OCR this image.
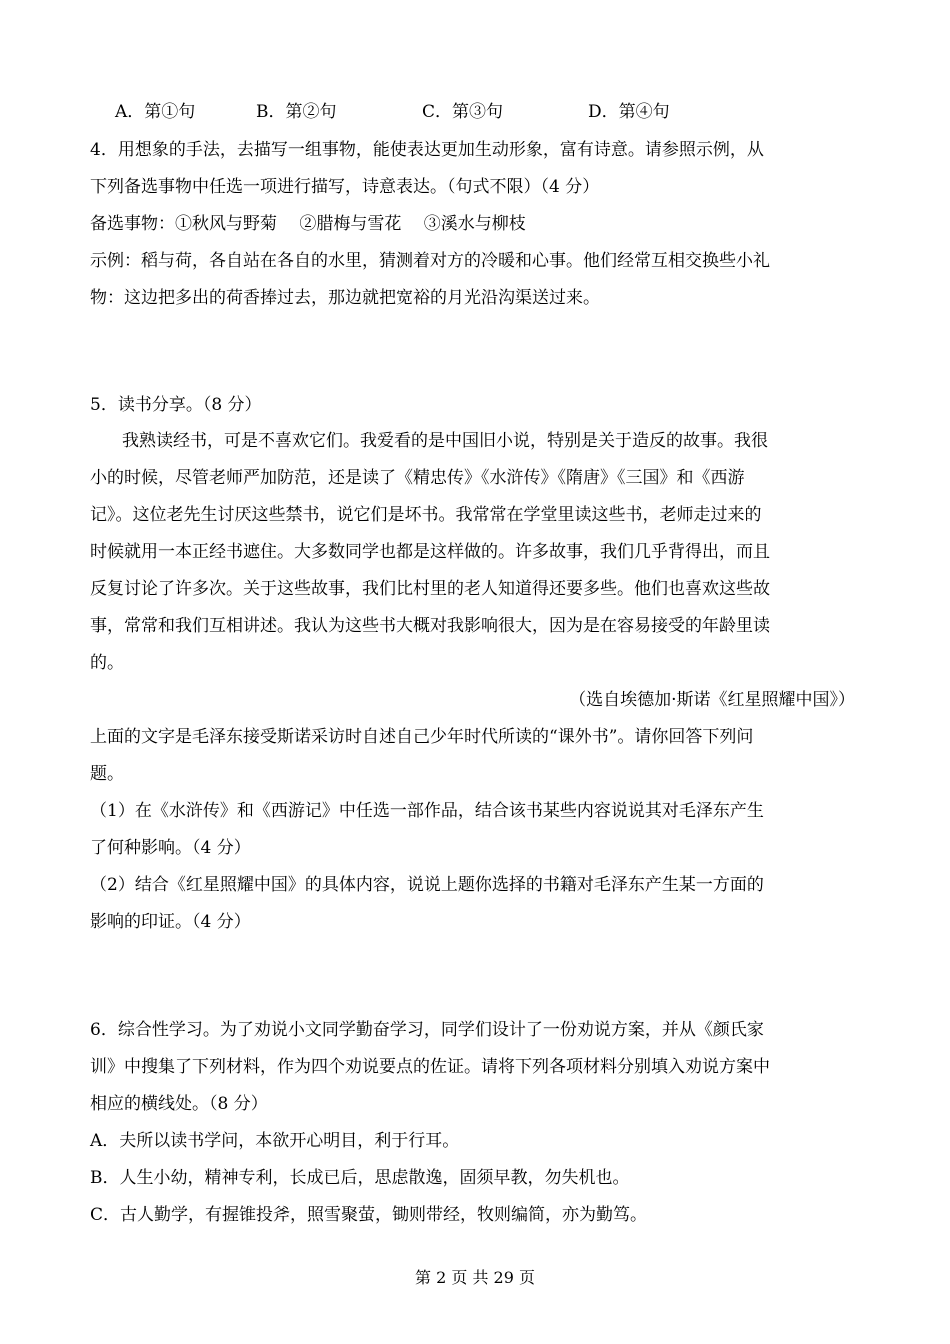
A．第①句	B．第②句	C．第③句	D．第④句
4．用想象的手法，去描写一组事物，能使表达更加生动形象，富有诗意。请参照示例，从
下列备选事物中任选一项进行描写，诗意表达。（句式不限）（4 分）
备选事物：①秋风与野菊　 ②腊梅与雪花　 ③溪水与柳枝
示例：稻与荷，各自站在各自的水里，猜测着对方的冷暖和心事。他们经常互相交换些小礼
物：这边把多出的荷香捧过去，那边就把宽裕的月光沿沟渠送过来。
5．读书分享。（8 分）
　我熟读经书，可是不喜欢它们。我爱看的是中国旧小说，特别是关于造反的故事。我很
小的时候，尽管老师严加防范，还是读了《精忠传》《水浒传》《隋唐》《三国》和《西游
记》。这位老先生讨厌这些禁书，说它们是坏书。我常常在学堂里读这些书，老师走过来的
时候就用一本正经书遮住。大多数同学也都是这样做的。许多故事，我们几乎背得出，而且
反复讨论了许多次。关于这些故事，我们比村里的老人知道得还要多些。他们也喜欢这些故
事，常常和我们互相讲述。我认为这些书大概对我影响很大，因为是在容易接受的年龄里读
的。
（选自埃德加·斯诺《红星照耀中国》）
上面的文字是毛泽东接受斯诺采访时自述自己少年时代所读的“课外书”。请你回答下列问
题。
（1）在《水浒传》和《西游记》中任选一部作品，结合该书某些内容说说其对毛泽东产生
了何种影响。（4 分）
（2）结合《红星照耀中国》的具体内容，说说上题你选择的书籍对毛泽东产生某一方面的
影响的印证。（4 分）
6．综合性学习。为了劝说小文同学勤奋学习，同学们设计了一份劝说方案，并从《颜氏家
训》中搜集了下列材料，作为四个劝说要点的佐证。请将下列各项材料分别填入劝说方案中
相应的横线处。（8 分）
A．夫所以读书学问，本欲开心明目，利于行耳。
B．人生小幼，精神专利，长成已后，思虑散逸，固须早教，勿失机也。
C．古人勤学，有握锥投斧，照雪聚萤，锄则带经，牧则编简，亦为勤笃。
第 2 页 共 29 页
